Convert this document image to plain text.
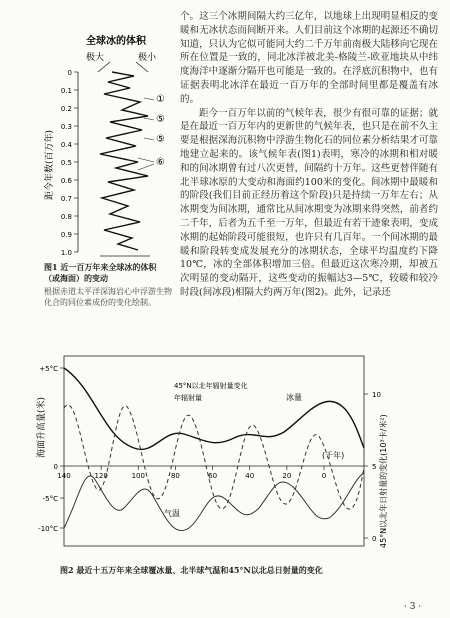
全球冰的体积
极大	极小
0
0.1
0.2
0.3
0.4
0.5
0.6
0.7
0.8
0.9
1.0
距今年数(百万年)
①
⑤
⑤
⑥
图1 近一百万年来全球冰的体积（或海面）的变动
根据赤道太平洋深海岩心中浮游生物化合的同位素成份的变化绘制。

个。这三个冰期间隔大约三亿年，以地球上出现明显相反的变暖和无冰状态而间断开来。人们目前这个冰期的起源还不确切知道，只认为它似可能同大约二千万年前南极大陆移向它现在所在位置是一致的，同北冰洋被北美-格陵兰-欧亚地块从中纬度海洋中逐渐分隔开也可能是一致的。在浮底沉积物中，也有证据表明北冰洋在最近一百万年的全部时间里都是覆盖有冰的。

距今一百万年以前的气候年表，很少有很可靠的证据；就是在最近一百万年内的更新世的气候年表，也只是在前不久主要是根据深海沉积物中浮游生物化石的同位素分析结果才可靠地建立起来的。该气候年表(图1)表明，寒冷的冰期和相对暖和的间冰期曾有过八次更替，间隔约十万年。这些更替伴随有北半球冰原的大变动和海面约100米的变化。间冰期中最暖和的阶段(我们目前正经历着这个阶段)只是持续一万年左右；从冰期变为间冰期，通常比从间冰期变为冰期来得突然，前者约二千年，后者为五千至一万年，但最近有若干迹象表明，变成冰期的起始阶段可能很短，也许只有几百年。一个间冰期的最暖和阶段转变成发展充分的冰期状态，全球平均温度约下降10℃，冰的全部体积增加三倍。但最近这次寒冷期，却被五次明显的变动隔开，这些变动的振幅达3—5℃，较暖和较冷时段(间冰段)相隔大约两万年(图2)。此外，记录还

0
20
40
60
80
100
120
140
(千年)
+5°C
0
-5°C
-10°C
0
5
10
海面升高量(米)	45°N以北年日射量的变化(10³卡/米²)
45°N以北年辐射量变化
年辐射量	冰量
气温
图2 最近十五万年来全球覆冰量、北半球气温和45°N以北总日射量的变化
· 3 ·
